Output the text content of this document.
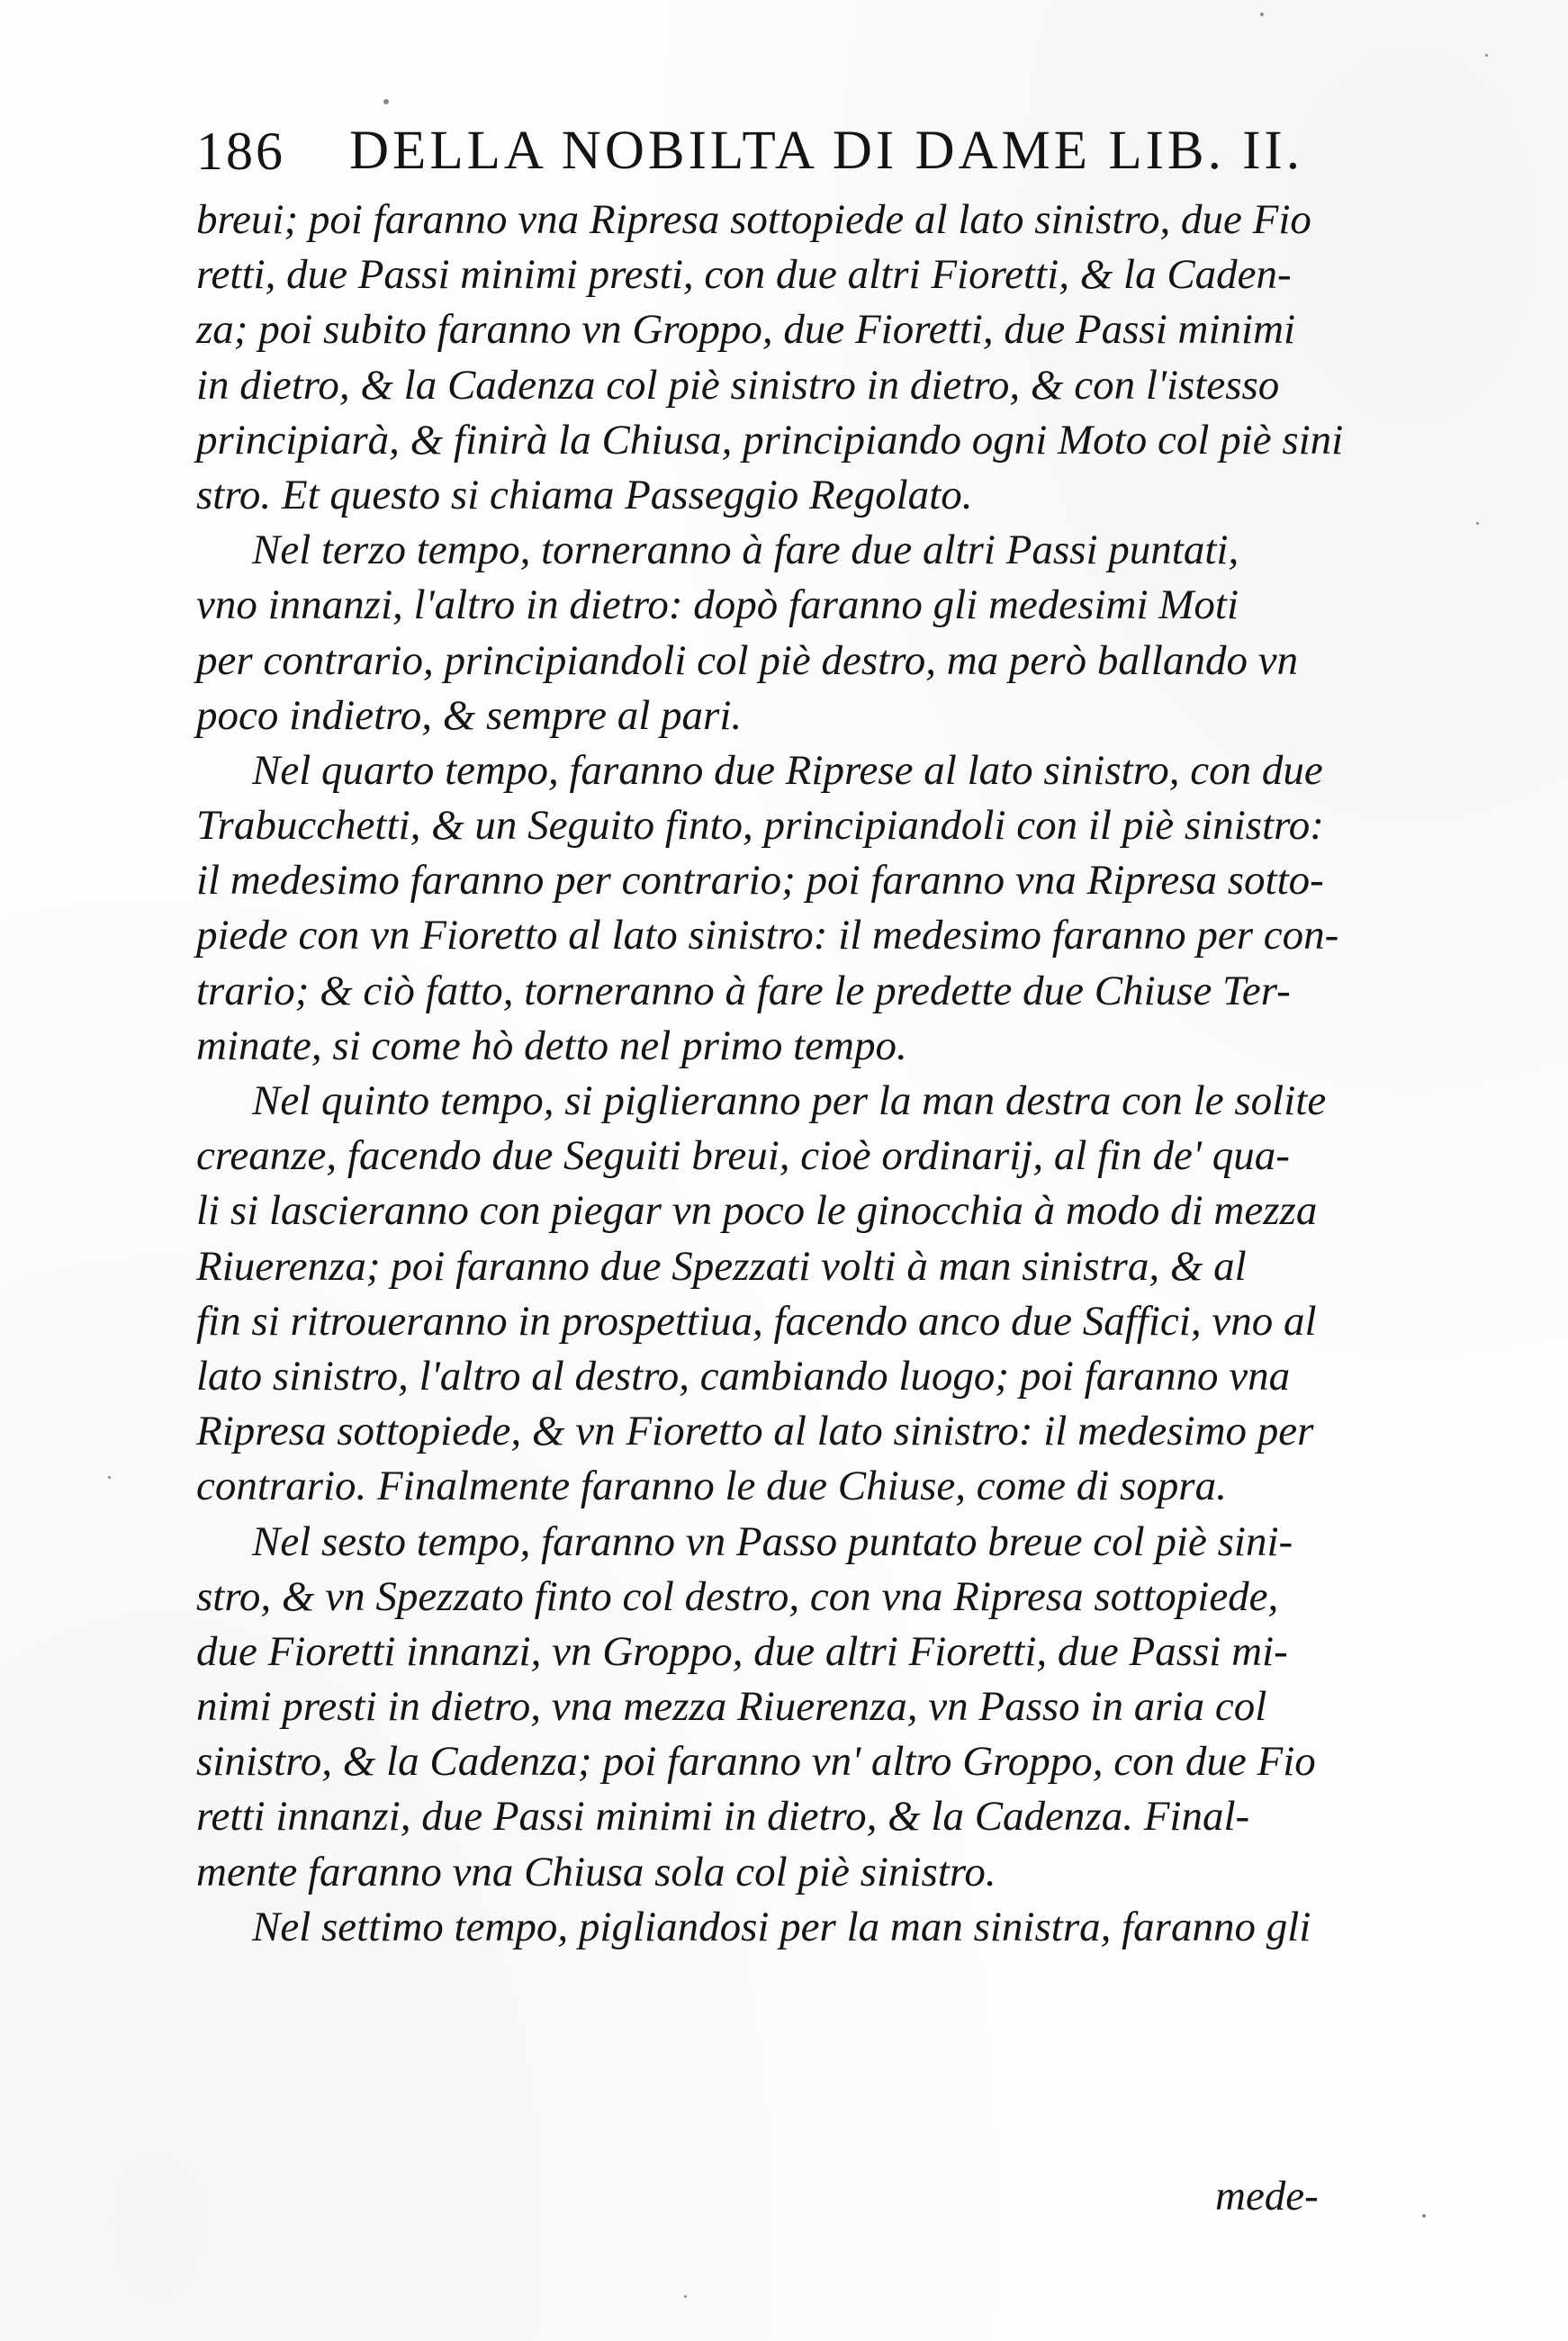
186 DELLA NOBILTA DI DAME LIB. II.
breui; poi faranno vna Ripresa sottopiede al lato sinistro, due Fio
retti, due Passi minimi presti, con due altri Fioretti, & la Caden-
za; poi subito faranno vn Groppo, due Fioretti, due Passi minimi
in dietro, & la Cadenza col piè sinistro in dietro, & con l'istesso
principiarà, & finirà la Chiusa, principiando ogni Moto col piè sini
stro. Et questo si chiama Passeggio Regolato.
Nel terzo tempo, torneranno à fare due altri Passi puntati,
vno innanzi, l'altro in dietro: dopò faranno gli medesimi Moti
per contrario, principiandoli col piè destro, ma però ballando vn
poco indietro, & sempre al pari.
Nel quarto tempo, faranno due Riprese al lato sinistro, con due
Trabucchetti, & un Seguito finto, principiandoli con il piè sinistro:
il medesimo faranno per contrario; poi faranno vna Ripresa sotto-
piede con vn Fioretto al lato sinistro: il medesimo faranno per con-
trario; & ciò fatto, torneranno à fare le predette due Chiuse Ter-
minate, si come hò detto nel primo tempo.
Nel quinto tempo, si piglieranno per la man destra con le solite
creanze, facendo due Seguiti breui, cioè ordinarij, al fin de' qua-
li si lascieranno con piegar vn poco le ginocchia à modo di mezza
Riuerenza; poi faranno due Spezzati volti à man sinistra, & al
fin si ritroueranno in prospettiua, facendo anco due Saffici, vno al
lato sinistro, l'altro al destro, cambiando luogo; poi faranno vna
Ripresa sottopiede, & vn Fioretto al lato sinistro: il medesimo per
contrario. Finalmente faranno le due Chiuse, come di sopra.
Nel sesto tempo, faranno vn Passo puntato breue col piè sini-
stro, & vn Spezzato finto col destro, con vna Ripresa sottopiede,
due Fioretti innanzi, vn Groppo, due altri Fioretti, due Passi mi-
nimi presti in dietro, vna mezza Riuerenza, vn Passo in aria col
sinistro, & la Cadenza; poi faranno vn' altro Groppo, con due Fio
retti innanzi, due Passi minimi in dietro, & la Cadenza. Final-
mente faranno vna Chiusa sola col piè sinistro.
Nel settimo tempo, pigliandosi per la man sinistra, faranno gli
mede-
